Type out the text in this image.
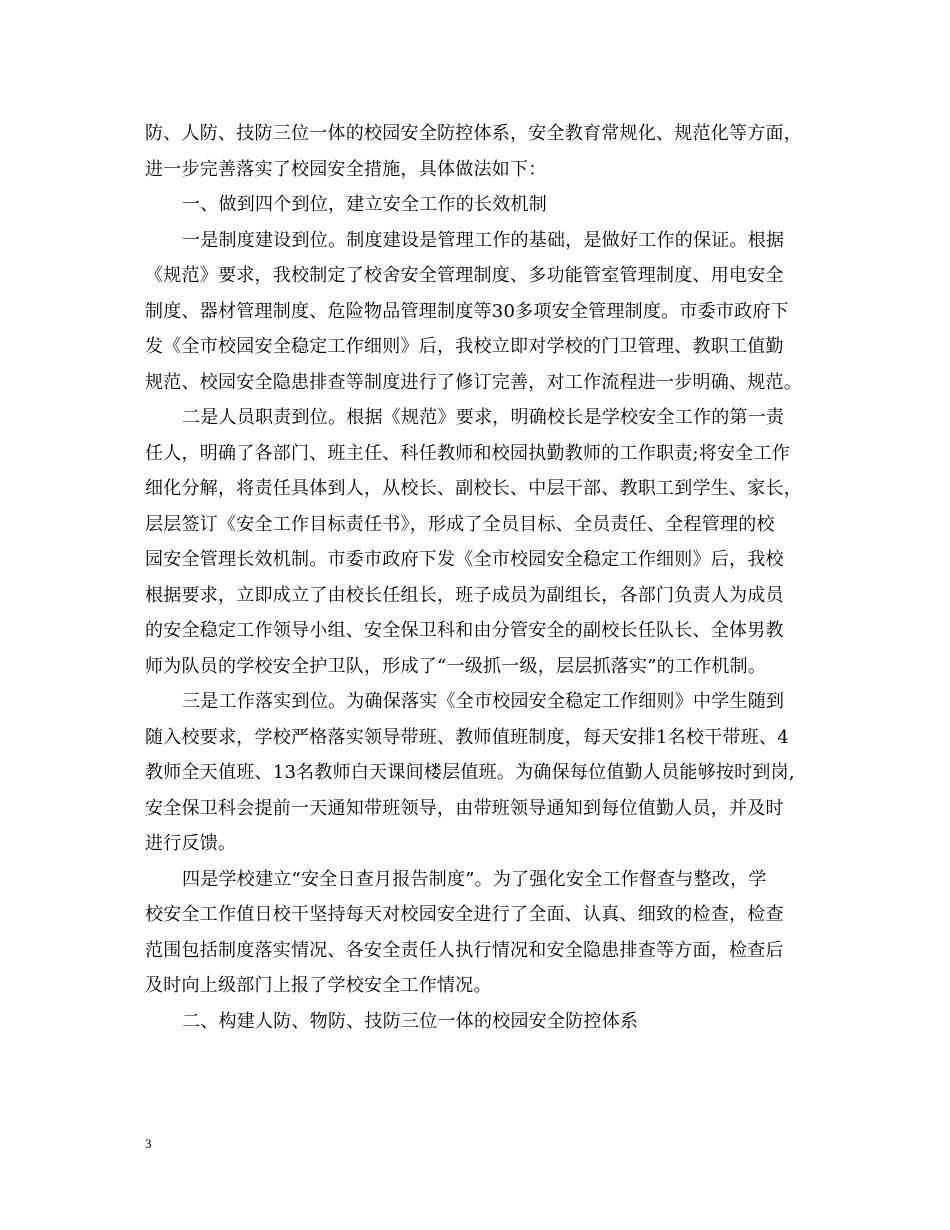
防、人防、技防三位一体的校园安全防控体系，安全教育常规化、规范化等方面，
进一步完善落实了校园安全措施，具体做法如下：
一、做到四个到位，建立安全工作的长效机制
一是制度建设到位。制度建设是管理工作的基础，是做好工作的保证。根据
《规范》要求，我校制定了校舍安全管理制度、多功能管室管理制度、用电安全
制度、器材管理制度、危险物品管理制度等30多项安全管理制度。市委市政府下
发《全市校园安全稳定工作细则》后，我校立即对学校的门卫管理、教职工值勤
规范、校园安全隐患排查等制度进行了修订完善，对工作流程进一步明确、规范。
二是人员职责到位。根据《规范》要求，明确校长是学校安全工作的第一责
任人，明确了各部门、班主任、科任教师和校园执勤教师的工作职责;将安全工作
细化分解，将责任具体到人，从校长、副校长、中层干部、教职工到学生、家长，
层层签订《安全工作目标责任书》，形成了全员目标、全员责任、全程管理的校
园安全管理长效机制。市委市政府下发《全市校园安全稳定工作细则》后，我校
根据要求，立即成立了由校长任组长，班子成员为副组长，各部门负责人为成员
的安全稳定工作领导小组、安全保卫科和由分管安全的副校长任队长、全体男教
师为队员的学校安全护卫队，形成了“一级抓一级，层层抓落实”的工作机制。
三是工作落实到位。为确保落实《全市校园安全稳定工作细则》中学生随到
随入校要求，学校严格落实领导带班、教师值班制度，每天安排1名校干带班、4
教师全天值班、13名教师白天课间楼层值班。为确保每位值勤人员能够按时到岗,
安全保卫科会提前一天通知带班领导，由带班领导通知到每位值勤人员，并及时
进行反馈。
四是学校建立“安全日查月报告制度”。为了强化安全工作督查与整改，学
校安全工作值日校干坚持每天对校园安全进行了全面、认真、细致的检查，检查
范围包括制度落实情况、各安全责任人执行情况和安全隐患排查等方面，检查后
及时向上级部门上报了学校安全工作情况。
二、构建人防、物防、技防三位一体的校园安全防控体系
3
